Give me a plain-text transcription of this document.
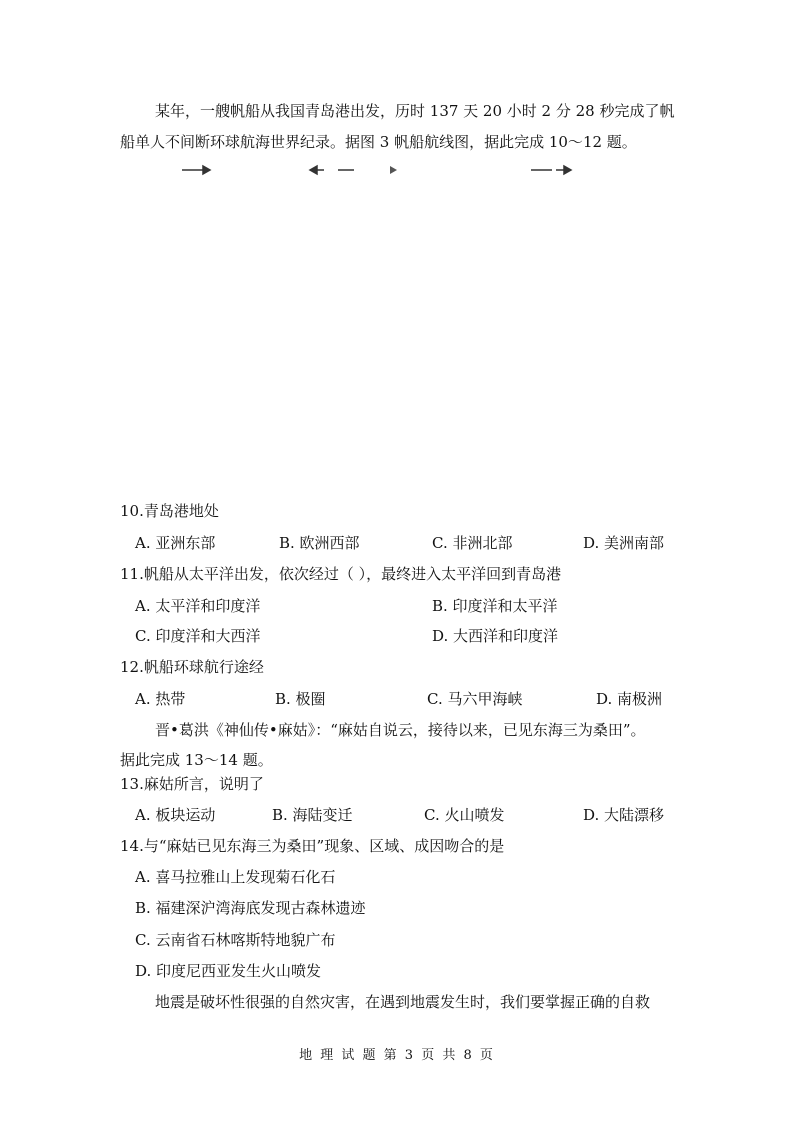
某年，一艘帆船从我国青岛港出发，历时 137 天 20 小时 2 分 28 秒完成了帆
船单人不间断环球航海世界纪录。据图 3 帆船航线图，据此完成 10～12 题。
10.青岛港地处
A. 亚洲东部	B. 欧洲西部	C. 非洲北部	D. 美洲南部
11.帆船从太平洋出发，依次经过（ ），最终进入太平洋回到青岛港
A. 太平洋和印度洋	B. 印度洋和太平洋
C. 印度洋和大西洋	D. 大西洋和印度洋
12.帆船环球航行途经
A. 热带	B. 极圈	C. 马六甲海峡	D. 南极洲
晋•葛洪《神仙传•麻姑》：“麻姑自说云，接待以来，已见东海三为桑田”。
据此完成 13～14 题。
13.麻姑所言，说明了
A. 板块运动	B. 海陆变迁	C. 火山喷发	D. 大陆漂移
14.与“麻姑已见东海三为桑田”现象、区域、成因吻合的是
A. 喜马拉雅山上发现菊石化石
B. 福建深沪湾海底发现古森林遗迹
C. 云南省石林喀斯特地貌广布
D. 印度尼西亚发生火山喷发
地震是破坏性很强的自然灾害，在遇到地震发生时，我们要掌握正确的自救
地 理 试 题 第 3 页 共 8 页
